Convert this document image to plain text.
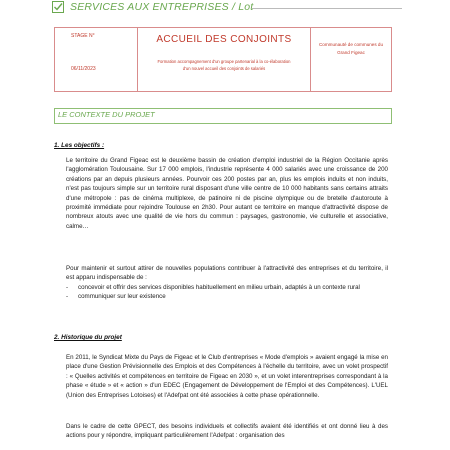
SERVICES AUX ENTREPRISES / Lot
STAGE N°
06/11/2023
ACCUEIL DES CONJOINTS
Formation accompagnement d'un groupe partenarial à la co-élaboration d'un nouvel accueil des conjoints de salariés
Communauté de communes du Grand Figeac
LE CONTEXTE DU PROJET
1. Les objectifs :
Le territoire du Grand Figeac est le deuxième bassin de création d'emploi industriel de la Région Occitanie après l'agglomération Toulousaine. Sur 17 000 emplois, l'industrie représente 4 000 salariés avec une croissance de 200 créations par an depuis plusieurs années. Pourvoir ces 200 postes par an, plus les emplois induits et non induits, n'est pas toujours simple sur un territoire rural disposant d'une ville centre de 10 000 habitants sans certains attraits d'une métropole : pas de cinéma multiplexe, de patinoire ni de piscine olympique ou de bretelle d'autoroute à proximité immédiate pour rejoindre Toulouse en 2h30. Pour autant ce territoire en manque d'attractivité dispose de nombreux atouts avec une qualité de vie hors du commun : paysages, gastronomie, vie culturelle et associative, calme…
Pour maintenir et surtout attirer de nouvelles populations contribuer à l'attractivité des entreprises et du territoire, il est apparu indispensable de :
-	concevoir et offrir des services disponibles habituellement en milieu urbain, adaptés à un contexte rural
-	communiquer sur leur existence
2. Historique du projet
En 2011, le Syndicat Mixte du Pays de Figeac et le Club d'entreprises « Mode d'emplois » avaient engagé la mise en place d'une Gestion Prévisionnelle des Emplois et des Compétences à l'échelle du territoire, avec un volet prospectif : « Quelles activités et compétences en territoire de Figeac en 2030 », et un volet interentreprises correspondant à la phase « étude » et « action » d'un EDEC (Engagement de Développement de l'Emploi et des Compétences). L'UEL (Union des Entreprises Lotoises) et l'Adefpat ont été associées à cette phase opérationnelle.
Dans le cadre de cette GPECT, des besoins individuels et collectifs avaient été identifiés et ont donné lieu à des actions pour y répondre, impliquant particulièrement l'Adefpat : organisation des
